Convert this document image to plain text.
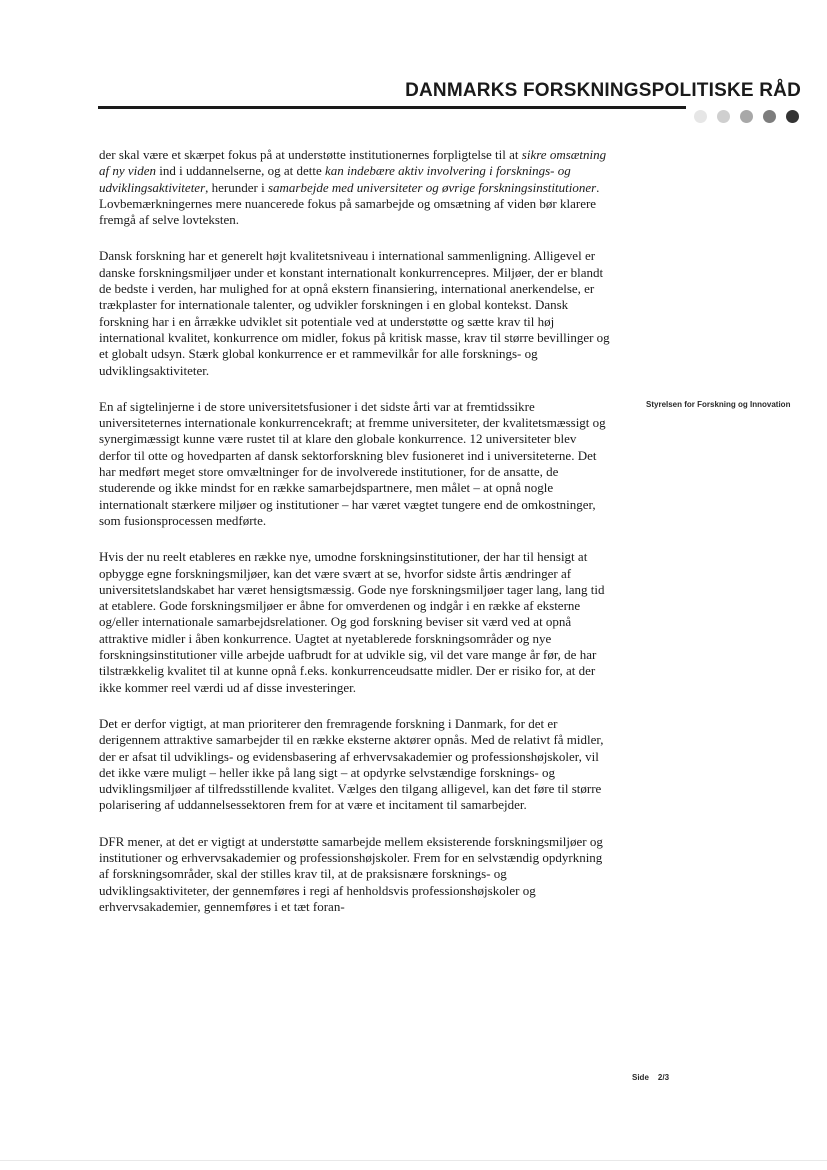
DANMARKS FORSKNINGSPOLITISKE RÅD

der skal være et skærpet fokus på at understøtte institutionernes forpligtelse til at sikre omsætning af ny viden ind i uddannelserne, og at dette kan indebære aktiv involvering i forsknings- og udviklingsaktiviteter, herunder i samarbejde med universiteter og øvrige forskningsinstitutioner. Lovbemærkningernes mere nuancerede fokus på samarbejde og omsætning af viden bør klarere fremgå af selve lovteksten.

Dansk forskning har et generelt højt kvalitetsniveau i international sammenligning. Alligevel er danske forskningsmiljøer under et konstant internationalt konkurrencepres. Miljøer, der er blandt de bedste i verden, har mulighed for at opnå ekstern finansiering, international anerkendelse, er trækplaster for internationale talenter, og udvikler forskningen i en global kontekst. Dansk forskning har i en årrække udviklet sit potentiale ved at understøtte og sætte krav til høj international kvalitet, konkurrence om midler, fokus på kritisk masse, krav til større bevillinger og et globalt udsyn. Stærk global konkurrence er et rammevilkår for alle forsknings- og udviklingsaktiviteter.

En af sigtelinjerne i de store universitetsfusioner i det sidste årti var at fremtidssikre universiteternes internationale konkurrencekraft; at fremme universiteter, der kvalitetsmæssigt og synergimæssigt kunne være rustet til at klare den globale konkurrence. 12 universiteter blev derfor til otte og hovedparten af dansk sektorforskning blev fusioneret ind i universiteterne. Det har medført meget store omvæltninger for de involverede institutioner, for de ansatte, de studerende og ikke mindst for en række samarbejdspartnere, men målet – at opnå nogle internationalt stærkere miljøer og institutioner – har været vægtet tungere end de omkostninger, som fusionsprocessen medførte.

Hvis der nu reelt etableres en række nye, umodne forskningsinstitutioner, der har til hensigt at opbygge egne forskningsmiljøer, kan det være svært at se, hvorfor sidste årtis ændringer af universitetslandskabet har været hensigtsmæssig. Gode nye forskningsmiljøer tager lang, lang tid at etablere. Gode forskningsmiljøer er åbne for omverdenen og indgår i en række af eksterne og/eller internationale samarbejdsrelationer. Og god forskning beviser sit værd ved at opnå attraktive midler i åben konkurrence. Uagtet at nyetablerede forskningsområder og nye forskningsinstitutioner ville arbejde uafbrudt for at udvikle sig, vil det vare mange år før, de har tilstrækkelig kvalitet til at kunne opnå f.eks. konkurrenceudsatte midler. Der er risiko for, at der ikke kommer reel værdi ud af disse investeringer.

Det er derfor vigtigt, at man prioriterer den fremragende forskning i Danmark, for det er derigennem attraktive samarbejder til en række eksterne aktører opnås. Med de relativt få midler, der er afsat til udviklings- og evidensbasering af erhvervsakademier og professionshøjskoler, vil det ikke være muligt – heller ikke på lang sigt – at opdyrke selvstændige forsknings- og udviklingsmiljøer af tilfredsstillende kvalitet. Vælges den tilgang alligevel, kan det føre til større polarisering af uddannelsessektoren frem for at være et incitament til samarbejder.

DFR mener, at det er vigtigt at understøtte samarbejde mellem eksisterende forskningsmiljøer og institutioner og erhvervsakademier og professionshøjskoler. Frem for en selvstændig opdyrkning af forskningsområder, skal der stilles krav til, at de praksisnære forsknings- og udviklingsaktiviteter, der gennemføres i regi af henholdsvis professionshøjskoler og erhvervsakademier, gennemføres i et tæt foran-

Styrelsen for Forskning og Innovation
Side 2/3
